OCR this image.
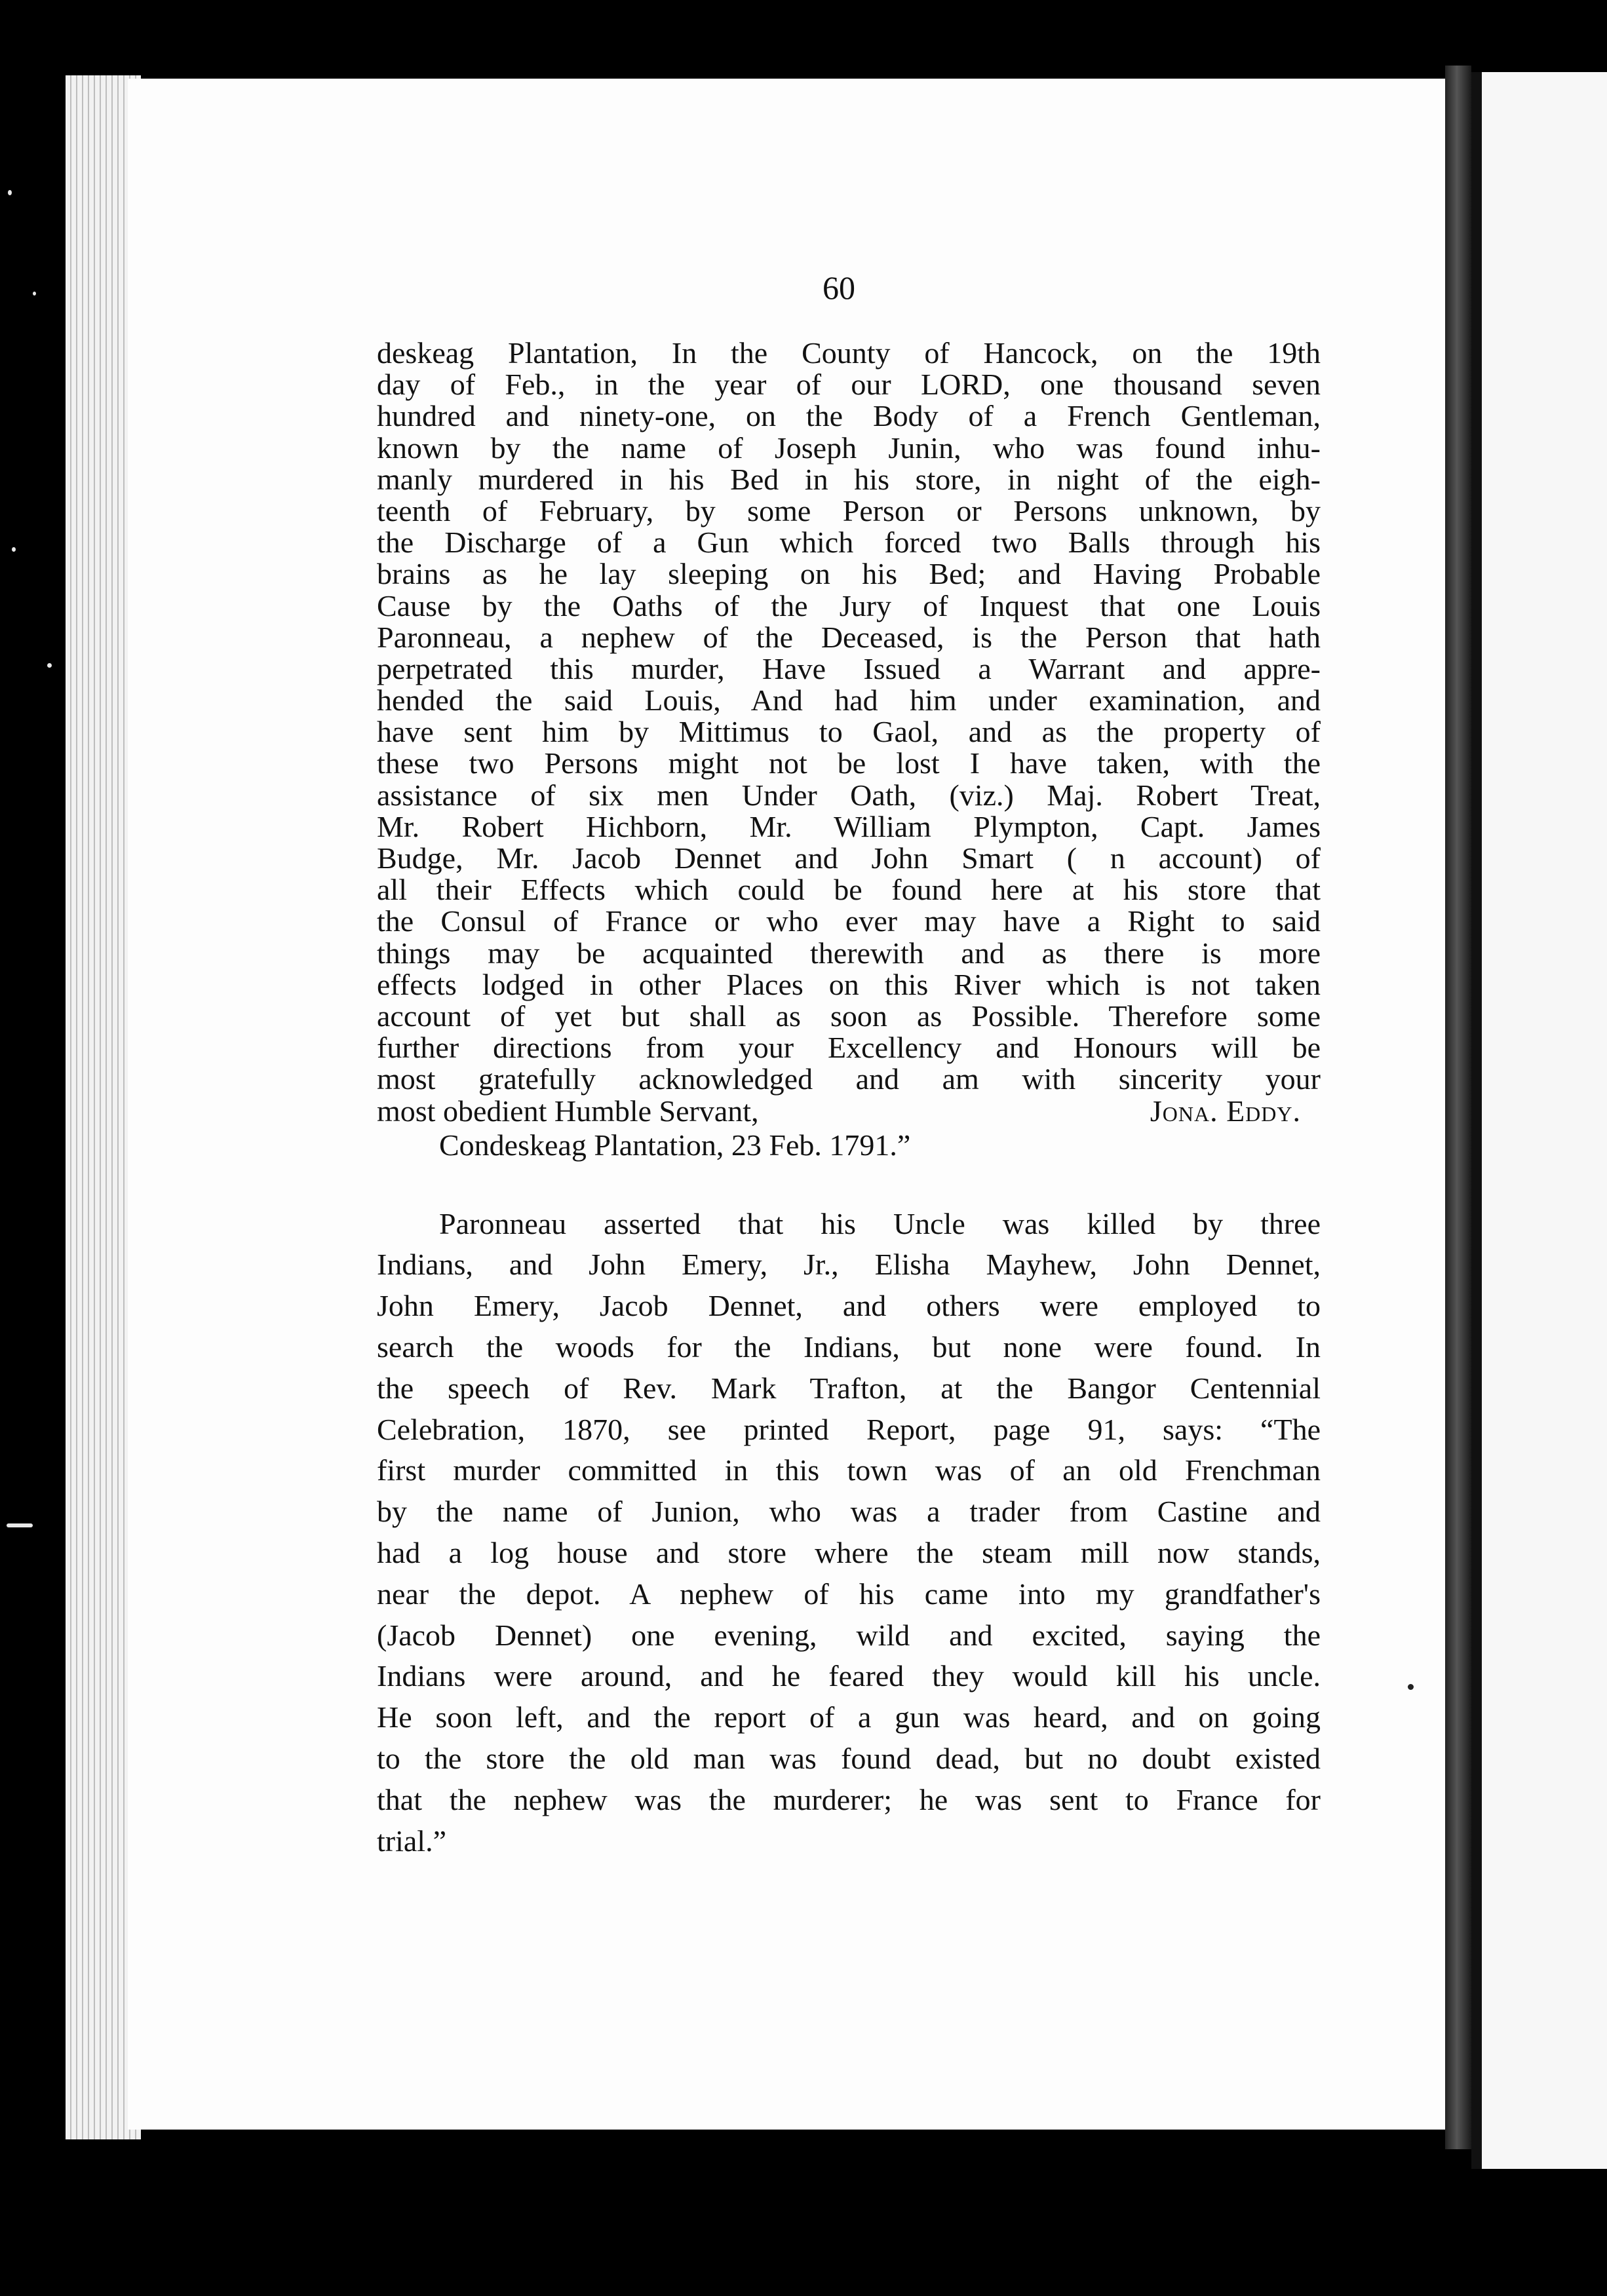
60
deskeag Plantation, In the County of Hancock, on the 19th
day of Feb., in the year of our LORD, one thousand seven
hundred and ninety-one, on the Body of a French Gentleman,
known by the name of Joseph Junin, who was found inhu-
manly murdered in his Bed in his store, in night of the eigh-
teenth of February, by some Person or Persons unknown, by
the Discharge of a Gun which forced two Balls through his
brains as he lay sleeping on his Bed; and Having Probable
Cause by the Oaths of the Jury of Inquest that one Louis
Paronneau, a nephew of the Deceased, is the Person that hath
perpetrated this murder, Have Issued a Warrant and appre-
hended the said Louis, And had him under examination, and
have sent him by Mittimus to Gaol, and as the property of
these two Persons might not be lost I have taken, with the
assistance of six men Under Oath, (viz.) Maj. Robert Treat,
Mr. Robert Hichborn, Mr. William Plympton, Capt. James
Budge, Mr. Jacob Dennet and John Smart ( n account) of
all their Effects which could be found here at his store that
the Consul of France or who ever may have a Right to said
things may be acquainted therewith and as there is more
effects lodged in other Places on this River which is not taken
account of yet but shall as soon as Possible. Therefore some
further directions from your Excellency and Honours will be
most gratefully acknowledged and am with sincerity your
most obedient Humble Servant,	Jona. Eddy.
Condeskeag Plantation, 23 Feb. 1791.”
Paronneau asserted that his Uncle was killed by three
Indians, and John Emery, Jr., Elisha Mayhew, John Dennet,
John Emery, Jacob Dennet, and others were employed to
search the woods for the Indians, but none were found. In
the speech of Rev. Mark Trafton, at the Bangor Centennial
Celebration, 1870, see printed Report, page 91, says: “The
first murder committed in this town was of an old Frenchman
by the name of Junion, who was a trader from Castine and
had a log house and store where the steam mill now stands,
near the depot. A nephew of his came into my grandfather's
(Jacob Dennet) one evening, wild and excited, saying the
Indians were around, and he feared they would kill his uncle.
He soon left, and the report of a gun was heard, and on going
to the store the old man was found dead, but no doubt existed
that the nephew was the murderer; he was sent to France for
trial.”
